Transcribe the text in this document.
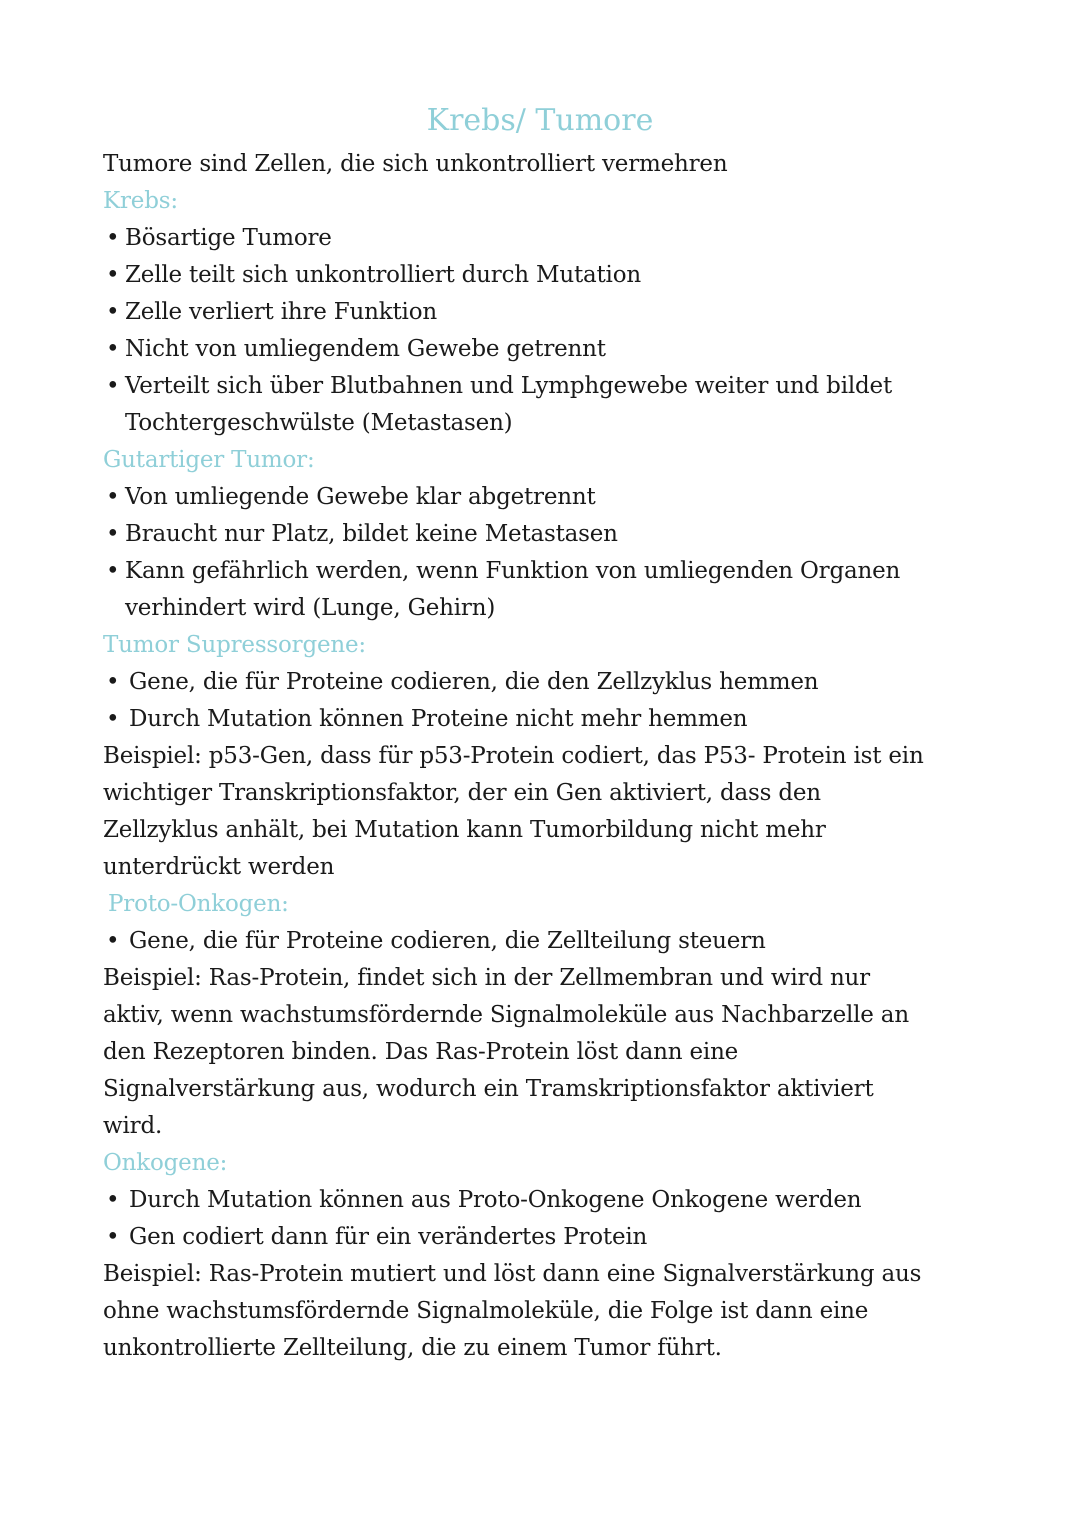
Krebs/ Tumore
Tumore sind Zellen, die sich unkontrolliert vermehren
Krebs:
• Bösartige Tumore
• Zelle teilt sich unkontrolliert durch Mutation
• Zelle verliert ihre Funktion
• Nicht von umliegendem Gewebe getrennt
• Verteilt sich über Blutbahnen und Lymphgewebe weiter und bildet
Tochtergeschwülste (Metastasen)
Gutartiger Tumor:
• Von umliegende Gewebe klar abgetrennt
• Braucht nur Platz, bildet keine Metastasen
• Kann gefährlich werden, wenn Funktion von umliegenden Organen
verhindert wird (Lunge, Gehirn)
Tumor Supressorgene:
• Gene, die für Proteine codieren, die den Zellzyklus hemmen
• Durch Mutation können Proteine nicht mehr hemmen
Beispiel: p53-Gen, dass für p53-Protein codiert, das P53- Protein ist ein
wichtiger Transkriptionsfaktor, der ein Gen aktiviert, dass den
Zellzyklus anhält, bei Mutation kann Tumorbildung nicht mehr
unterdrückt werden
Proto-Onkogen:
• Gene, die für Proteine codieren, die Zellteilung steuern
Beispiel: Ras-Protein, findet sich in der Zellmembran und wird nur
aktiv, wenn wachstumsfördernde Signalmoleküle aus Nachbarzelle an
den Rezeptoren binden. Das Ras-Protein löst dann eine
Signalverstärkung aus, wodurch ein Tramskriptionsfaktor aktiviert
wird.
Onkogene:
• Durch Mutation können aus Proto-Onkogene Onkogene werden
• Gen codiert dann für ein verändertes Protein
Beispiel: Ras-Protein mutiert und löst dann eine Signalverstärkung aus
ohne wachstumsfördernde Signalmoleküle, die Folge ist dann eine
unkontrollierte Zellteilung, die zu einem Tumor führt.
